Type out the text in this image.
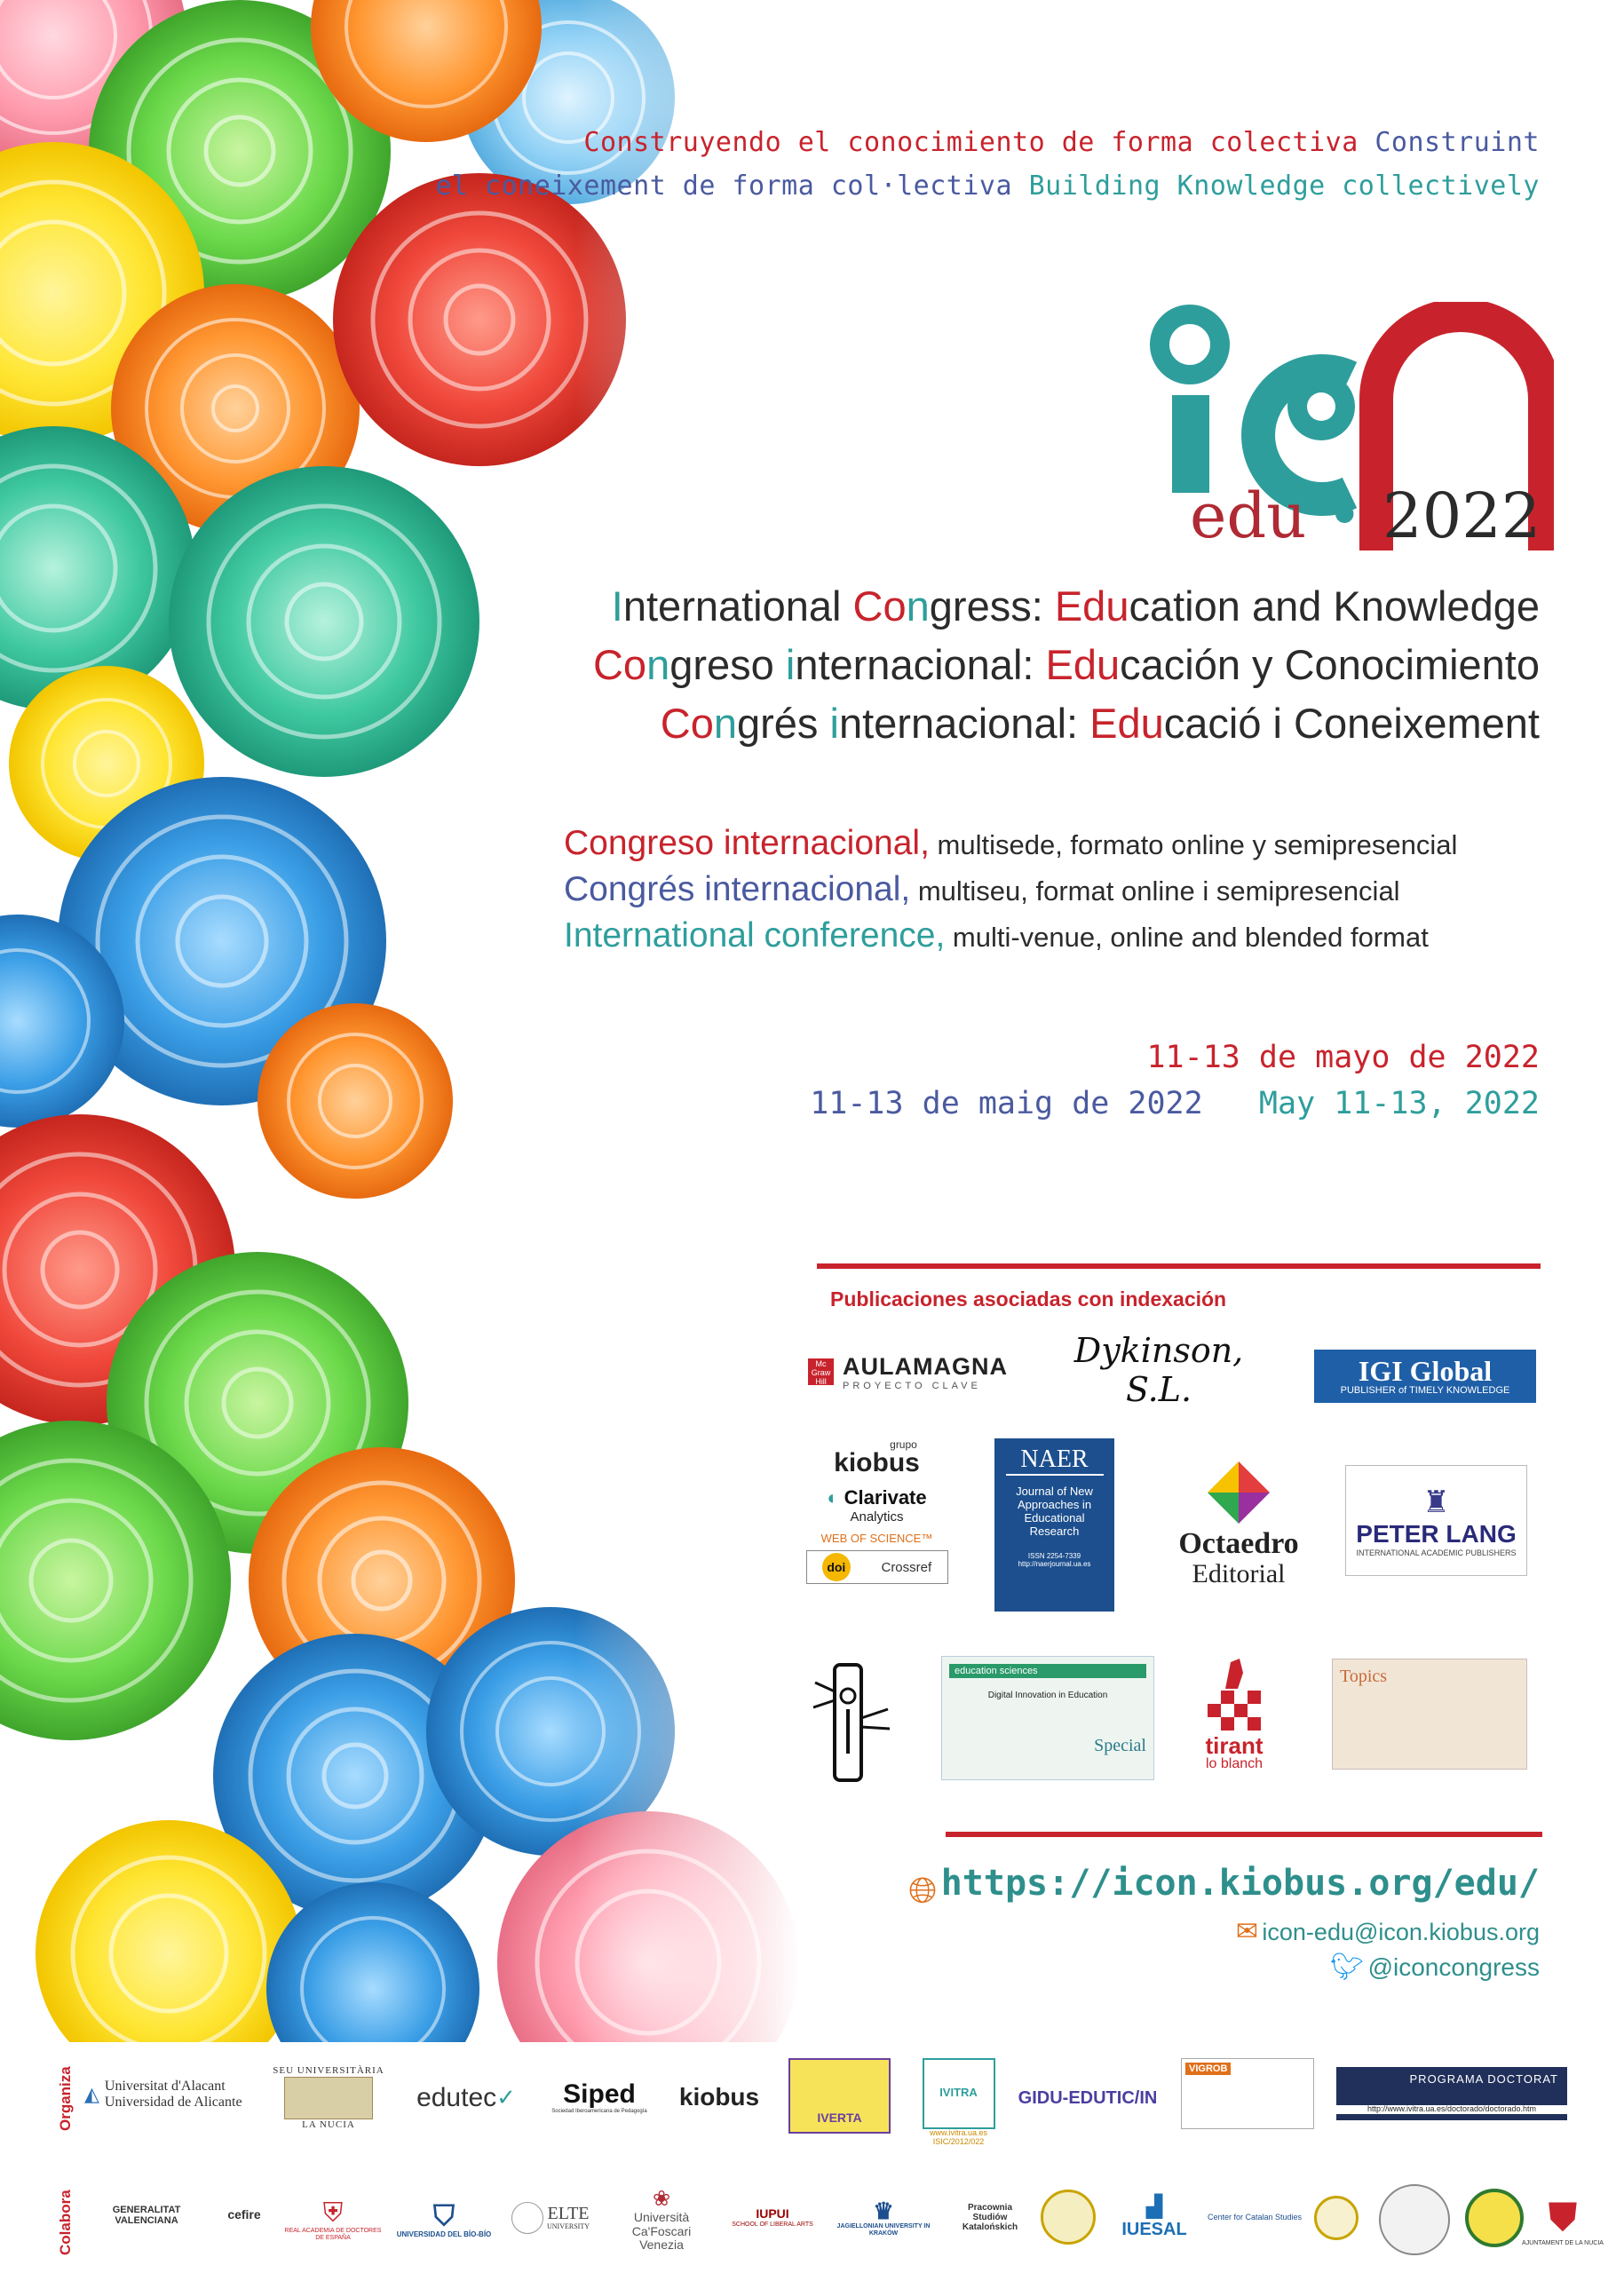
Construyendo el conocimiento de forma colectiva Construint
el coneixement de forma col·lectiva Building Knowledge collectively
edu • 2022
International Congress: Education and Knowledge
Congreso internacional: Educación y Conocimiento
Congrés internacional: Educació i Coneixement
Congreso internacional, multisede, formato online y semipresencial
Congrés internacional, multiseu, format online i semipresencial
International conference, multi-venue, online and blended format
11-13 de mayo de 2022
11-13 de maig de 2022 May 11-13, 2022
Publicaciones asociadas con indexación
Mc Graw Hill
AULAMAGNA
PROYECTO CLAVE
Dykinson, S.L.	IGI Global
PUBLISHER of TIMELY KNOWLEDGE
grupo
kiobus
◐ Clarivate
Analytics
WEB OF SCIENCE™
doi	Crossref
NAER
Journal of New
Approaches in
Educational
Research
ISSN 2254-7339
http://naerjournal.ua.es
Octaedro
Editorial
♜
PETER LANG
INTERNATIONAL ACADEMIC PUBLISHERS
education sciences
Digital Innovation in Education
Special	tirant
lo blanch
Topics
🌐︎ https://icon.kiobus.org/edu/
✉ icon-edu@icon.kiobus.org
🐦︎ @iconcongress
Organiza ◭ Universitat d'Alacant
Universidad de Alicante
SEU UNIVERSITÀRIA
LA NUCIA
edutec ✓ Siped
Sociedad Iberoamericana de Pedagogía
kiobus
IVERTA
IVITRA
www.ivitra.ua.es
ISIC/2012/022
GIDU-EDUTIC/IN
VIGROB
PROGRAMA DOCTORAT
http://www.ivitra.ua.es/doctorado/doctorado.htm
Colabora	GENERALITAT
VALENCIANA	cefire	⛨
REAL ACADEMIA DE DOCTORES DE ESPAÑA
⛉
UNIVERSIDAD DEL BÍO-BÍO
ELTE
UNIVERSITY
❀
Università
Ca'Foscari
Venezia
IUPUI
SCHOOL OF LIBERAL ARTS
♛
JAGIELLONIAN UNIVERSITY IN KRAKÓW
Pracownia
Studiów
Katalońskich
▟
IUESAL
Center for Catalan Studies	⛊
AJUNTAMENT DE LA NUCIA
